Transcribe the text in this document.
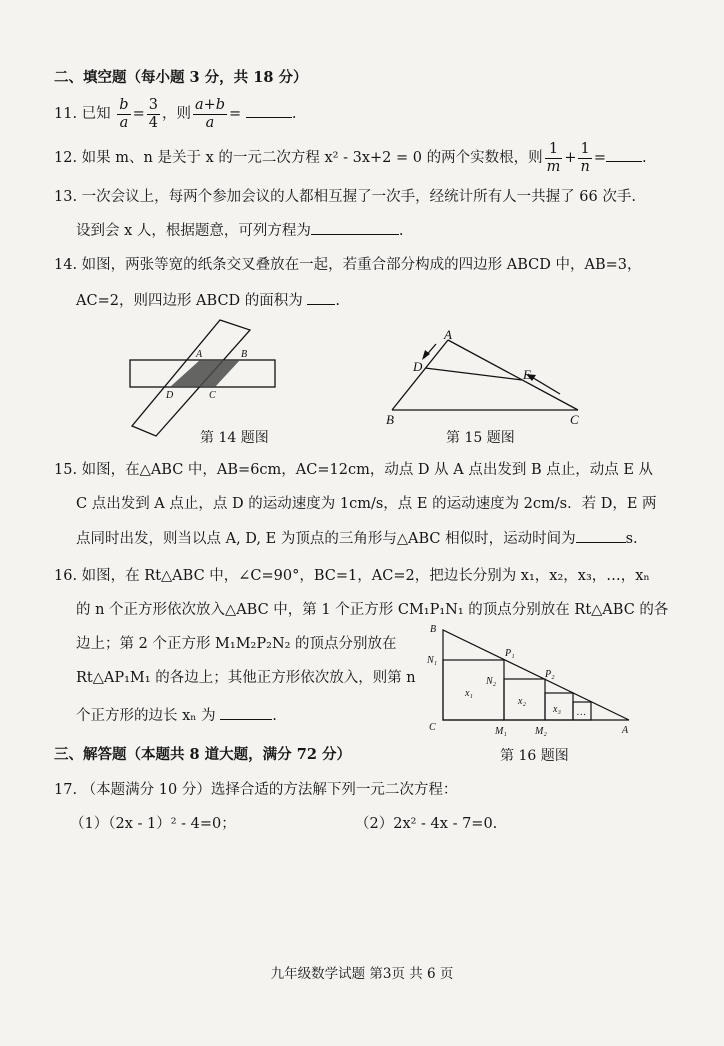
二、填空题（每小题 3 分，共 18 分）
11. 已知 $\frac{b}{a} = \frac{3}{4}$ ，则 $\frac{a+b}{a}$ =	.
12. 如果 m、n 是关于 x 的一元二次方程 x² - 3x+2 = 0 的两个实数根，则 $\frac{1}{m} + \frac{1}{n}$ = .
13. 一次会议上，每两个参加会议的人都相互握了一次手，经统计所有人一共握了 66 次手.
设到会 x 人，根据题意，可列方程为	.
14. 如图，两张等宽的纸条交叉叠放在一起，若重合部分构成的四边形 ABCD 中，AB=3，
AC=2，则四边形 ABCD 的面积为 .
A	B
C
D
第 14 题图
A
B	C
D
E
第 15 题图
15. 如图，在△ABC 中，AB=6cm，AC=12cm，动点 D 从 A 点出发到 B 点止，动点 E 从
C 点出发到 A 点止，点 D 的运动速度为 1cm/s，点 E 的运动速度为 2cm/s．若 D，E 两
点同时出发，则当以点 A, D, E 为顶点的三角形与△ABC 相似时，运动时间为	s.
16. 如图，在 Rt△ABC 中，∠C=90°，BC=1，AC=2，把边长分别为 x₁，x₂，x₃，…，xₙ
的 n 个正方形依次放入△ABC 中，第 1 个正方形 CM₁P₁N₁ 的顶点分别放在 Rt△ABC 的各
边上；第 2 个正方形 M₁M₂P₂N₂ 的顶点分别放在
Rt△AP₁M₁ 的各边上；其他正方形依次放入，则第 n
个正方形的边长 xₙ 为	.
B
N₁
P₁
N₂
P₂
x₁
x₂
x₃ …
C	M₁	M₂	A
第 16 题图
三、解答题（本题共 8 道大题，满分 72 分）
17. （本题满分 10 分）选择合适的方法解下列一元二次方程：
（1）（2x - 1）² - 4=0；	（2）2x² - 4x - 7=0.
九年级数学试题 第3页 共 6 页
